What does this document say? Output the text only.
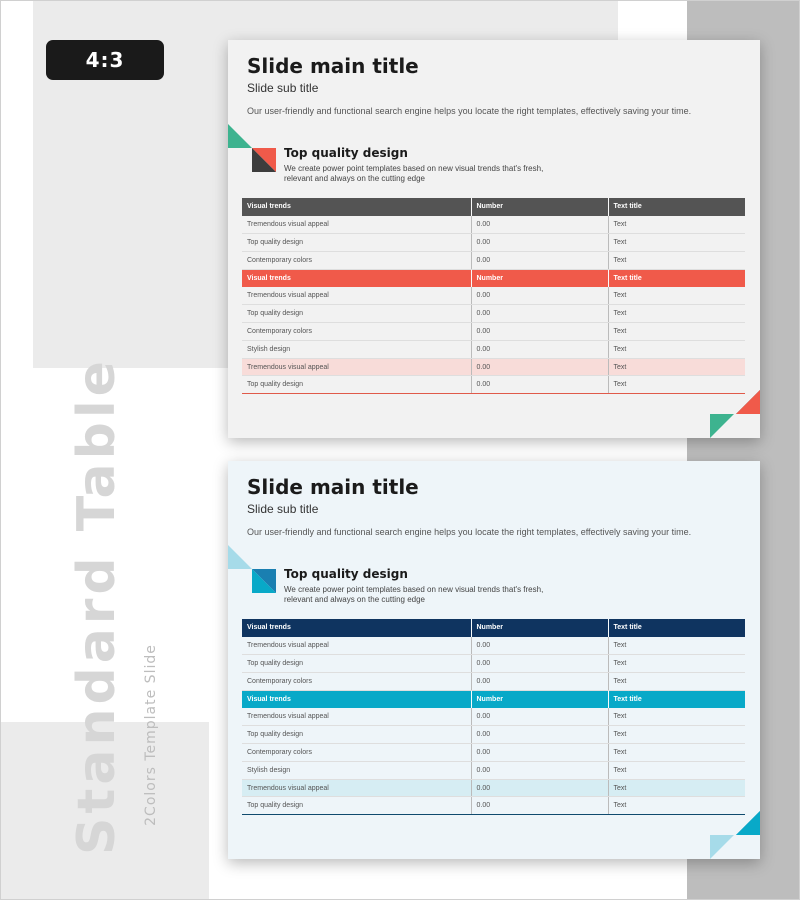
4:3
Standard Table 2Colors Template Slide
Slide main title
Slide sub title
Our user-friendly and functional search engine helps you locate the right templates, effectively saving your time.
Top quality design
We create power point templates based on new visual trends that's fresh, relevant and always on the cutting edge
Visual trends	Number	Text title
Tremendous visual appeal	0.00	Text
Top quality design	0.00	Text
Contemporary colors	0.00	Text
Visual trends	Number	Text title
Tremendous visual appeal	0.00	Text
Top quality design	0.00	Text
Contemporary colors	0.00	Text
Stylish design	0.00	Text
Tremendous visual appeal	0.00	Text
Top quality design	0.00	Text
Slide main title
Slide sub title
Our user-friendly and functional search engine helps you locate the right templates, effectively saving your time.
Top quality design
We create power point templates based on new visual trends that's fresh, relevant and always on the cutting edge
Visual trends	Number	Text title
Tremendous visual appeal	0.00	Text
Top quality design	0.00	Text
Contemporary colors	0.00	Text
Visual trends	Number	Text title
Tremendous visual appeal	0.00	Text
Top quality design	0.00	Text
Contemporary colors	0.00	Text
Stylish design	0.00	Text
Tremendous visual appeal	0.00	Text
Top quality design	0.00	Text
